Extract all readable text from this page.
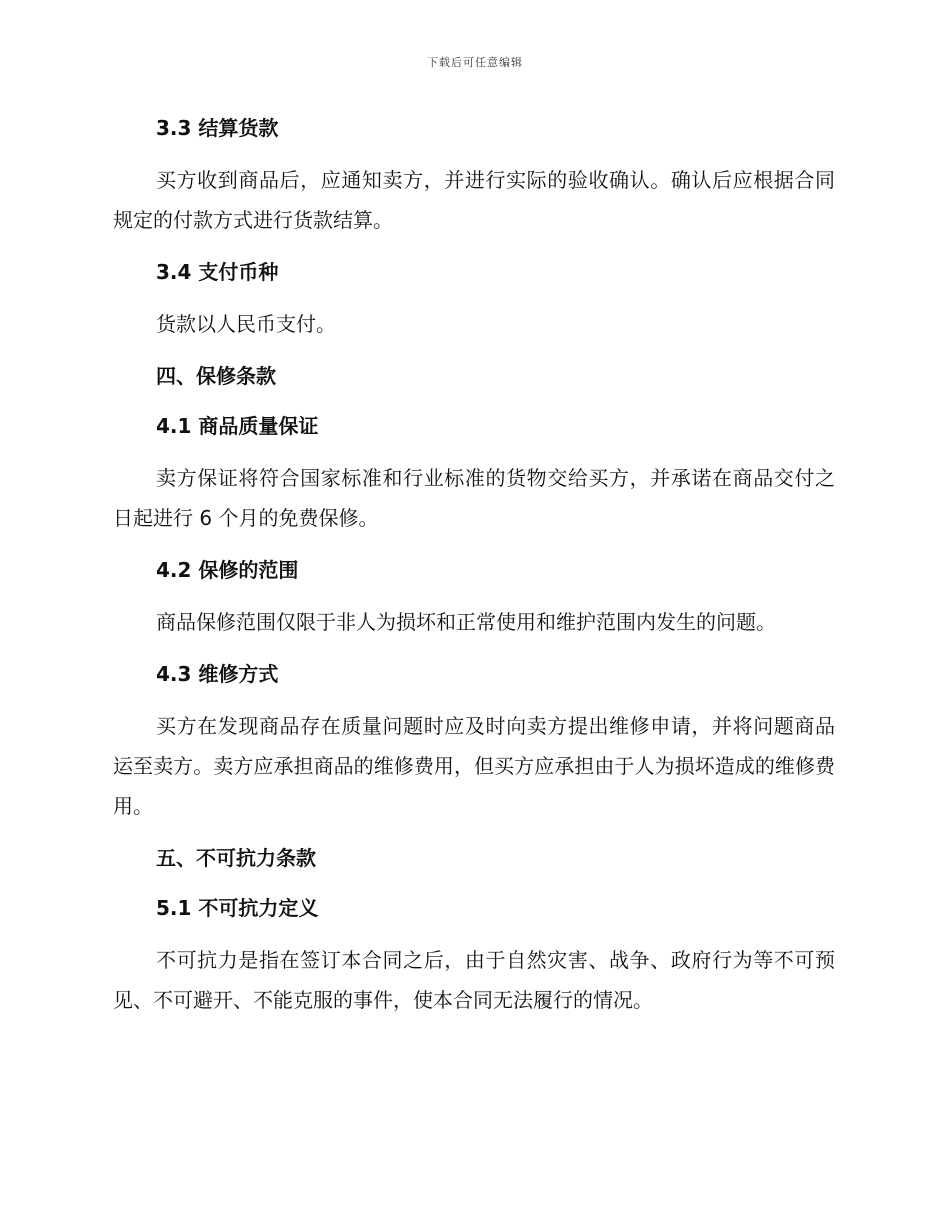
下载后可任意编辑
3.3 结算货款

买方收到商品后，应通知卖方，并进行实际的验收确认。确认后应根据合同规定的付款方式进行货款结算。

3.4 支付币种

货款以人民币支付。

四、保修条款
4.1 商品质量保证

卖方保证将符合国家标准和行业标准的货物交给买方，并承诺在商品交付之日起进行 6 个月的免费保修。

4.2 保修的范围

商品保修范围仅限于非人为损坏和正常使用和维护范围内发生的问题。

4.3 维修方式

买方在发现商品存在质量问题时应及时向卖方提出维修申请，并将问题商品运至卖方。卖方应承担商品的维修费用，但买方应承担由于人为损坏造成的维修费用。

五、不可抗力条款
5.1 不可抗力定义

不可抗力是指在签订本合同之后，由于自然灾害、战争、政府行为等不可预见、不可避开、不能克服的事件，使本合同无法履行的情况。
